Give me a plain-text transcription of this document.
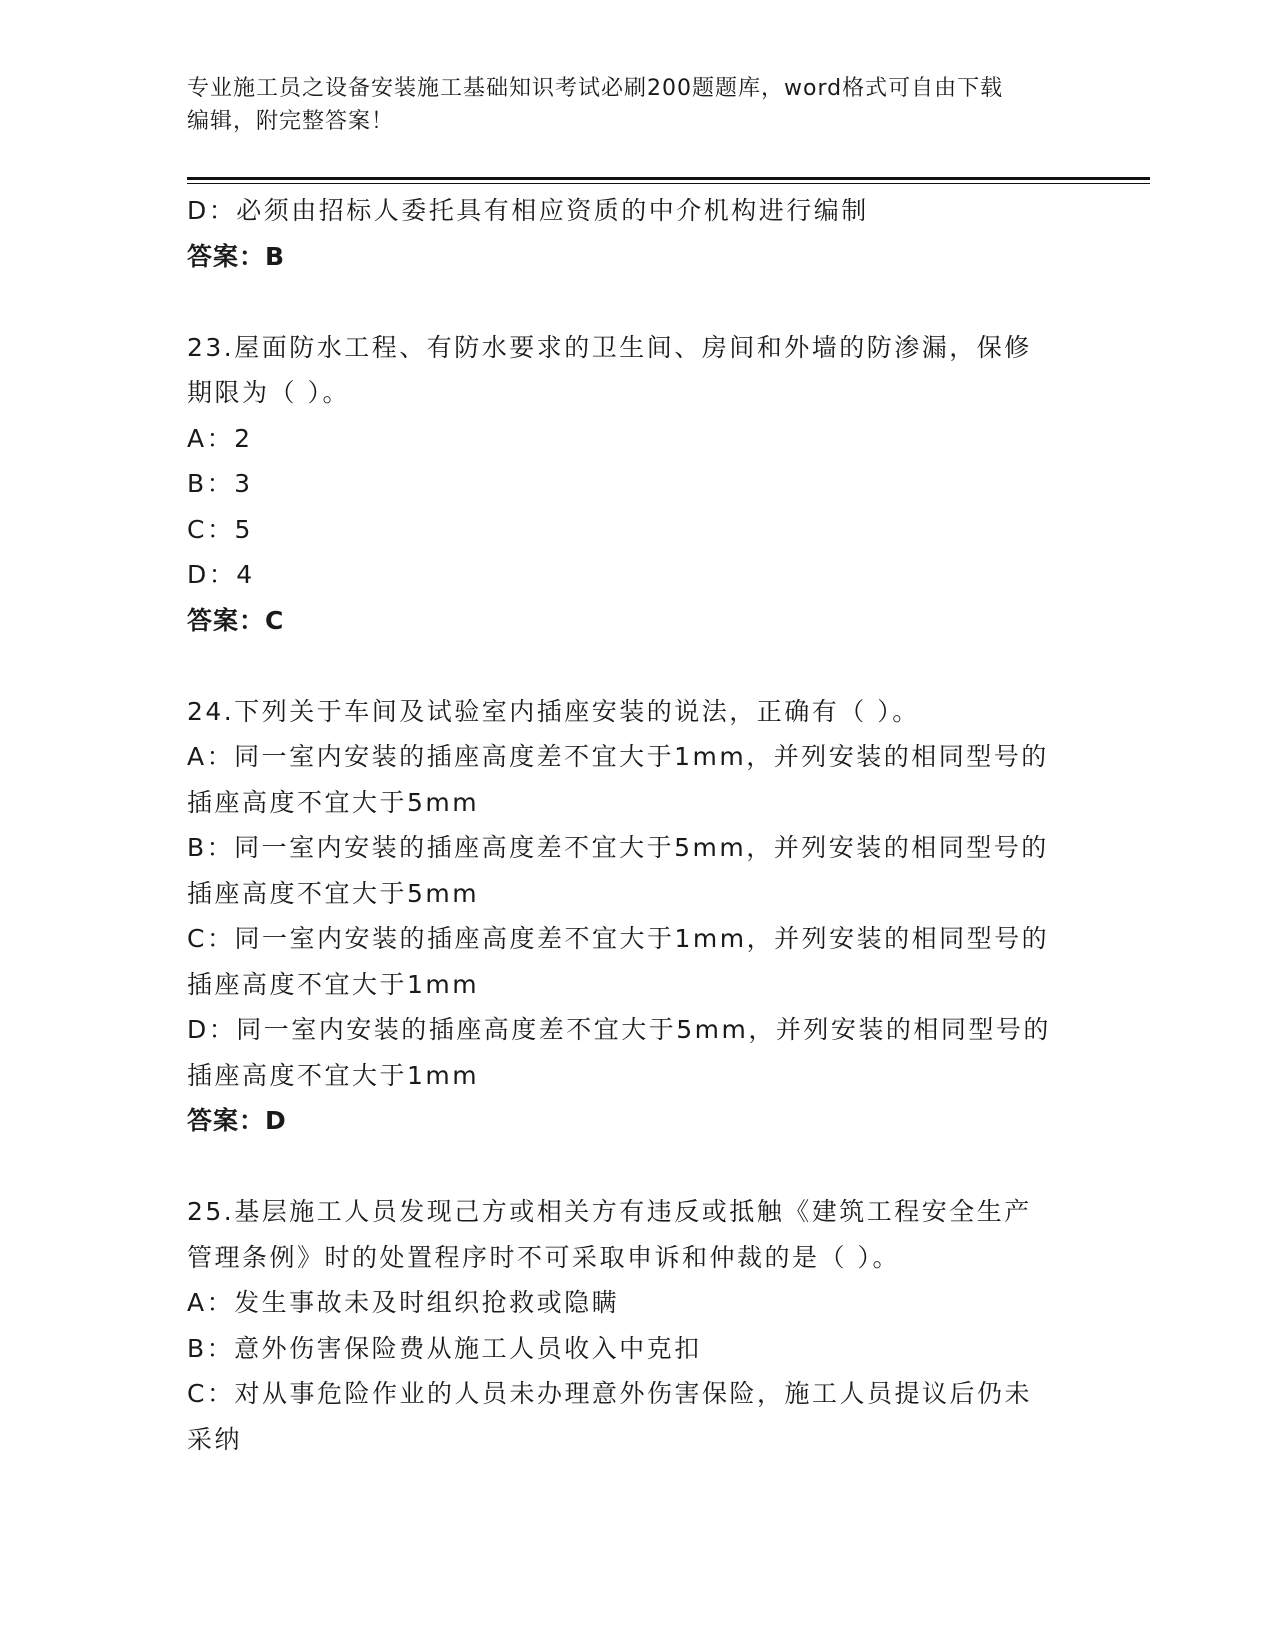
专业施工员之设备安装施工基础知识考试必刷200题题库，word格式可自由下载
编辑，附完整答案！
D：必须由招标人委托具有相应资质的中介机构进行编制
答案：B
23.屋面防水工程、有防水要求的卫生间、房间和外墙的防渗漏，保修
期限为（ ）。
A：2
B：3
C：5
D：4
答案：C
24.下列关于车间及试验室内插座安装的说法，正确有（ ）。
A：同一室内安装的插座高度差不宜大于1mm，并列安装的相同型号的
插座高度不宜大于5mm
B：同一室内安装的插座高度差不宜大于5mm，并列安装的相同型号的
插座高度不宜大于5mm
C：同一室内安装的插座高度差不宜大于1mm，并列安装的相同型号的
插座高度不宜大于1mm
D：同一室内安装的插座高度差不宜大于5mm，并列安装的相同型号的
插座高度不宜大于1mm
答案：D
25.基层施工人员发现己方或相关方有违反或抵触《建筑工程安全生产
管理条例》时的处置程序时不可采取申诉和仲裁的是（ ）。
A：发生事故未及时组织抢救或隐瞒
B：意外伤害保险费从施工人员收入中克扣
C：对从事危险作业的人员未办理意外伤害保险，施工人员提议后仍未
采纳
